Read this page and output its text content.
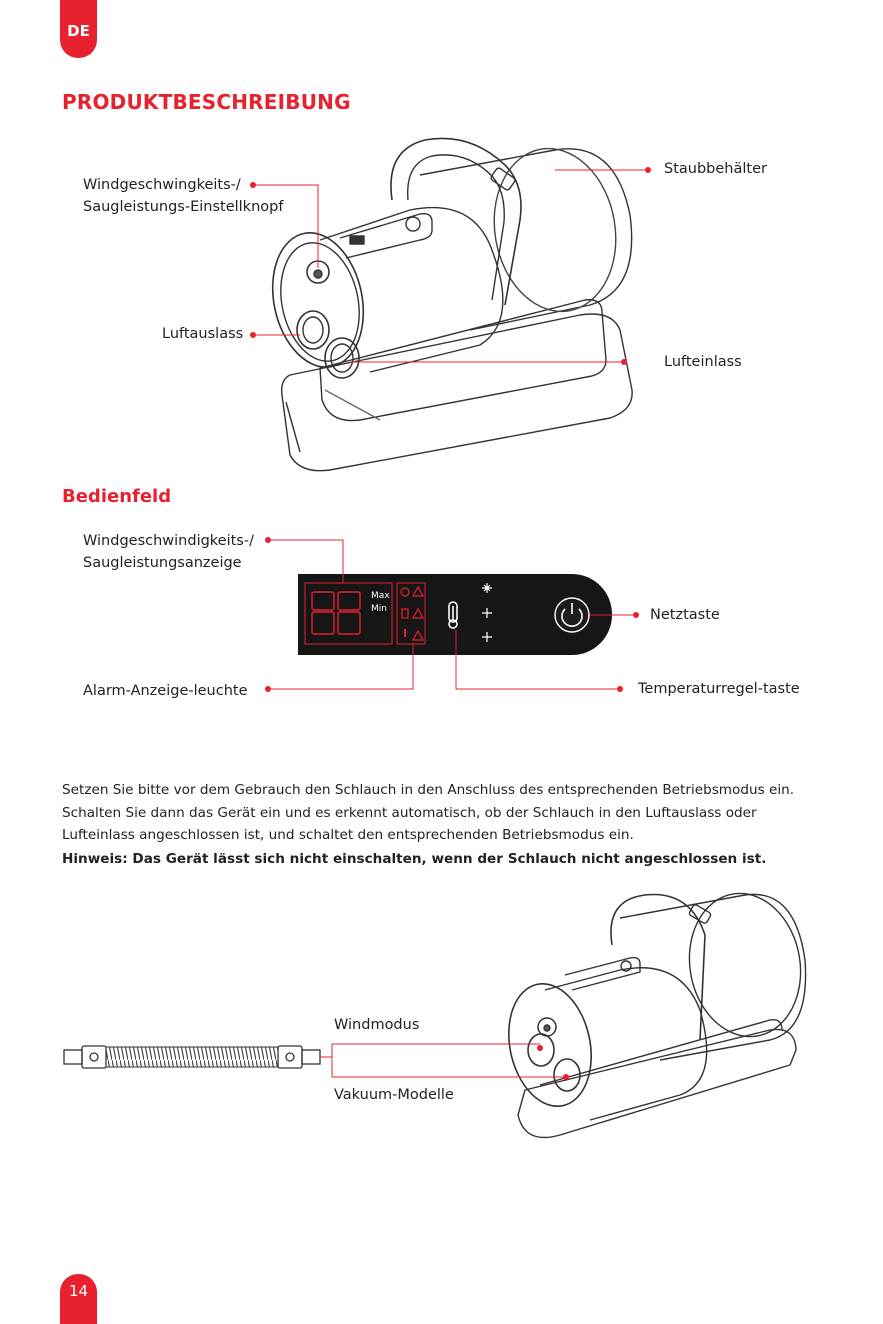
DE
14
PRODUKTBESCHREIBUNG
Bedienfeld
Windgeschwingkeits-/
Saugleistungs-Einstellknopf
Staubbehälter
Luftauslass
Lufteinlass
Max
Min
Windgeschwindigkeits-/
Saugleistungsanzeige
Netztaste
Alarm-Anzeige-leuchte	Temperaturregel-taste
Setzen Sie bitte vor dem Gebrauch den Schlauch in den Anschluss des entsprechenden Betriebsmodus ein. Schalten Sie dann das Gerät ein und es erkennt automatisch, ob der Schlauch in den Luftauslass oder Lufteinlass angeschlossen ist, und schaltet den entsprechenden Betriebsmodus ein.
Hinweis: Das Gerät lässt sich nicht einschalten, wenn der Schlauch nicht angeschlossen ist.
Windmodus
Vakuum-Modelle
